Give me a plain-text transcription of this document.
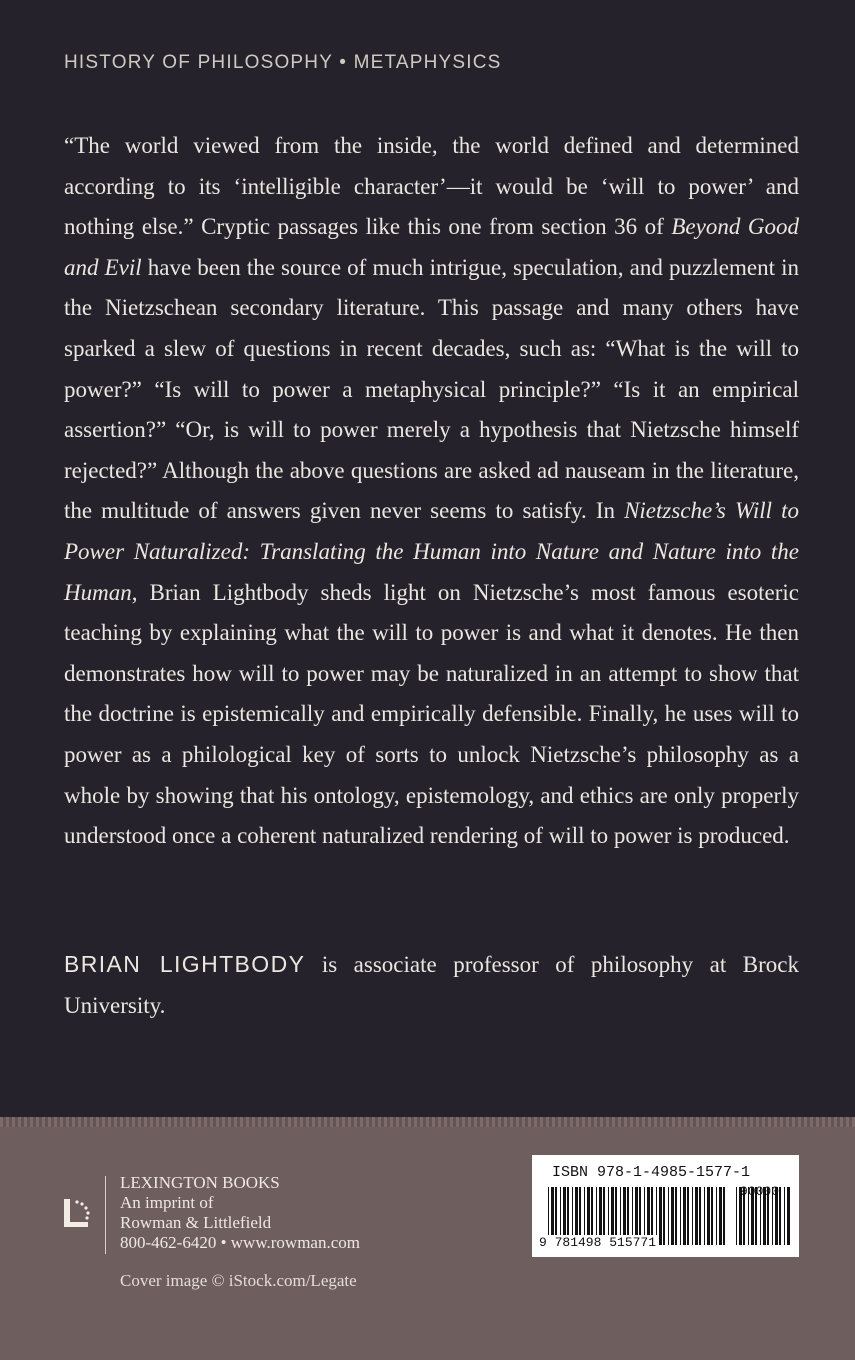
HISTORY OF PHILOSOPHY • METAPHYSICS

“The world viewed from the inside, the world defined and determined according to its ‘intelligible character’—it would be ‘will to power’ and nothing else.” Cryptic passages like this one from section 36 of Beyond Good and Evil have been the source of much intrigue, speculation, and puzzlement in the Nietzschean secondary literature. This passage and many others have sparked a slew of questions in recent decades, such as: “What is the will to power?” “Is will to power a metaphysical principle?” “Is it an empirical assertion?” “Or, is will to power merely a hypothesis that Nietzsche himself rejected?” Although the above questions are asked ad nauseam in the literature, the multitude of answers given never seems to satisfy. In Nietzsche’s Will to Power Naturalized: Translating the Human into Nature and Nature into the Human, Brian Lightbody sheds light on Nietzsche’s most famous esoteric teaching by explaining what the will to power is and what it denotes. He then demonstrates how will to power may be naturalized in an attempt to show that the doctrine is epistemically and empirically defensible. Finally, he uses will to power as a philological key of sorts to unlock Nietzsche’s philosophy as a whole by showing that his ontology, epistemology, and ethics are only properly understood once a coherent naturalized rendering of will to power is produced.

BRIAN LIGHTBODY is associate professor of philosophy at Brock University.

LEXINGTON BOOKS
An imprint of
Rowman & Littlefield
800-462-6420 • www.rowman.com
Cover image © iStock.com/Legate
ISBN 978-1-4985-1577-1
90000
9 781498 515771
